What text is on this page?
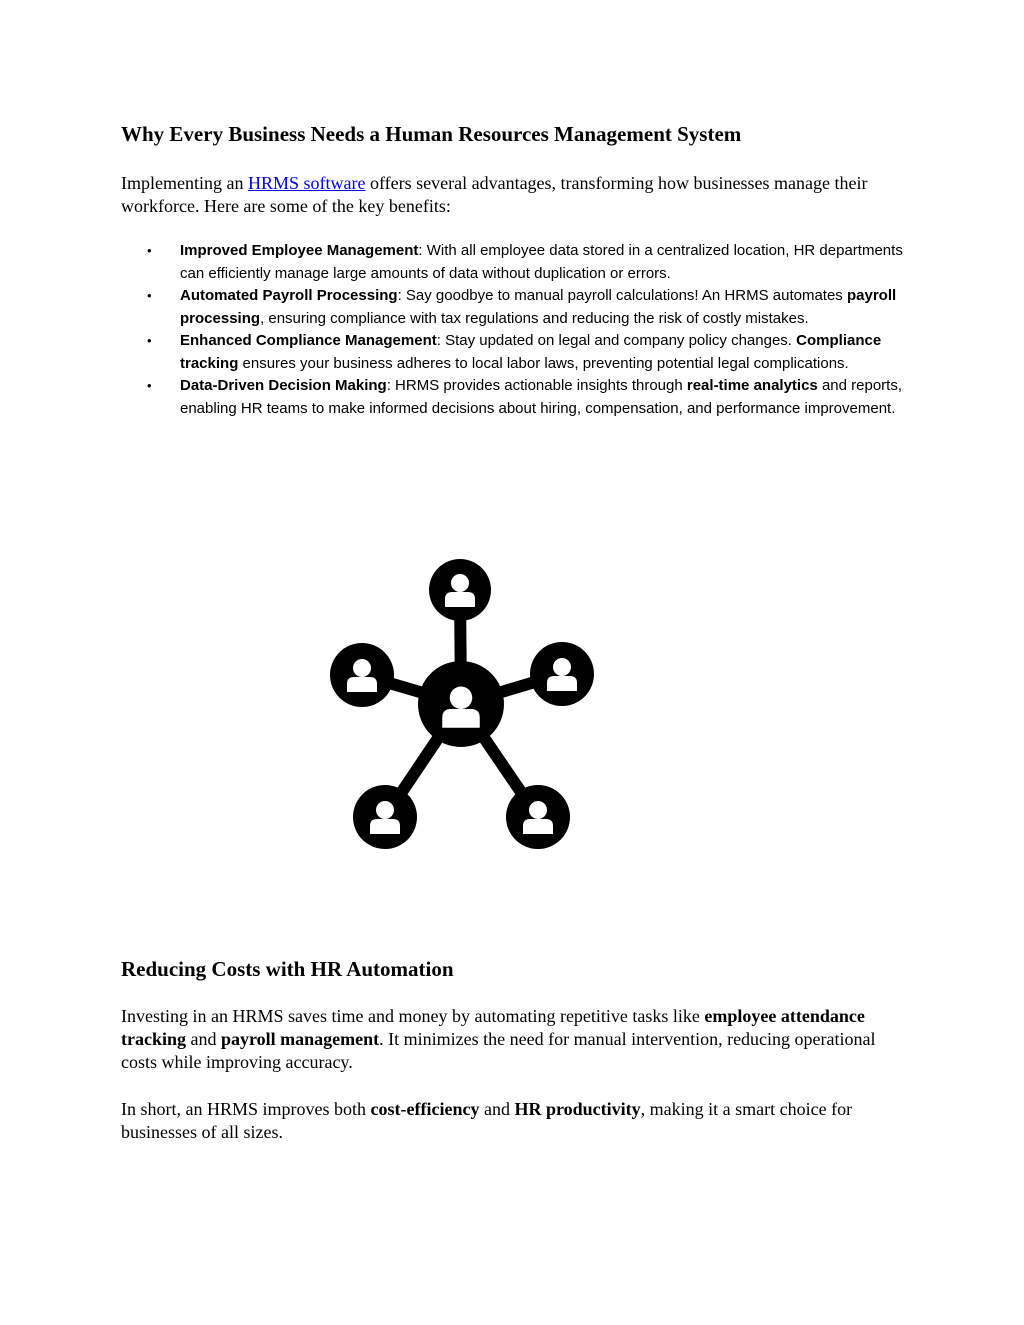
Why Every Business Needs a Human Resources Management System

Implementing an HRMS software offers several advantages, transforming how businesses manage their workforce. Here are some of the key benefits:

• Improved Employee Management: With all employee data stored in a centralized location, HR departments can efficiently manage large amounts of data without duplication or errors.
• Automated Payroll Processing: Say goodbye to manual payroll calculations! An HRMS automates payroll processing, ensuring compliance with tax regulations and reducing the risk of costly mistakes.
• Enhanced Compliance Management: Stay updated on legal and company policy changes. Compliance tracking ensures your business adheres to local labor laws, preventing potential legal complications.
• Data-Driven Decision Making: HRMS provides actionable insights through real-time analytics and reports, enabling HR teams to make informed decisions about hiring, compensation, and performance improvement.
Reducing Costs with HR Automation

Investing in an HRMS saves time and money by automating repetitive tasks like employee attendance tracking and payroll management. It minimizes the need for manual intervention, reducing operational costs while improving accuracy.

In short, an HRMS improves both cost-efficiency and HR productivity, making it a smart choice for businesses of all sizes.
